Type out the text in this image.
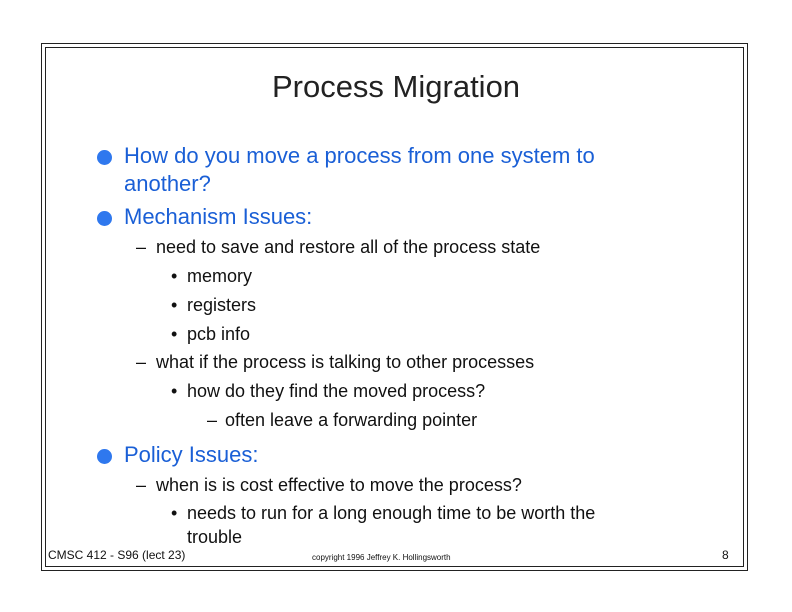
Process Migration
How do you move a process from one system to
another?
Mechanism Issues:
– need to save and restore all of the process state
• memory
• registers
• pcb info
– what if the process is talking to other processes
• how do they find the moved process?
– often leave a forwarding pointer
Policy Issues:
– when is is cost effective to move the process?
• needs to run for a long enough time to be worth the
trouble
CMSC 412 - S96 (lect 23)	copyright 1996 Jeffrey K. Hollingsworth	8
